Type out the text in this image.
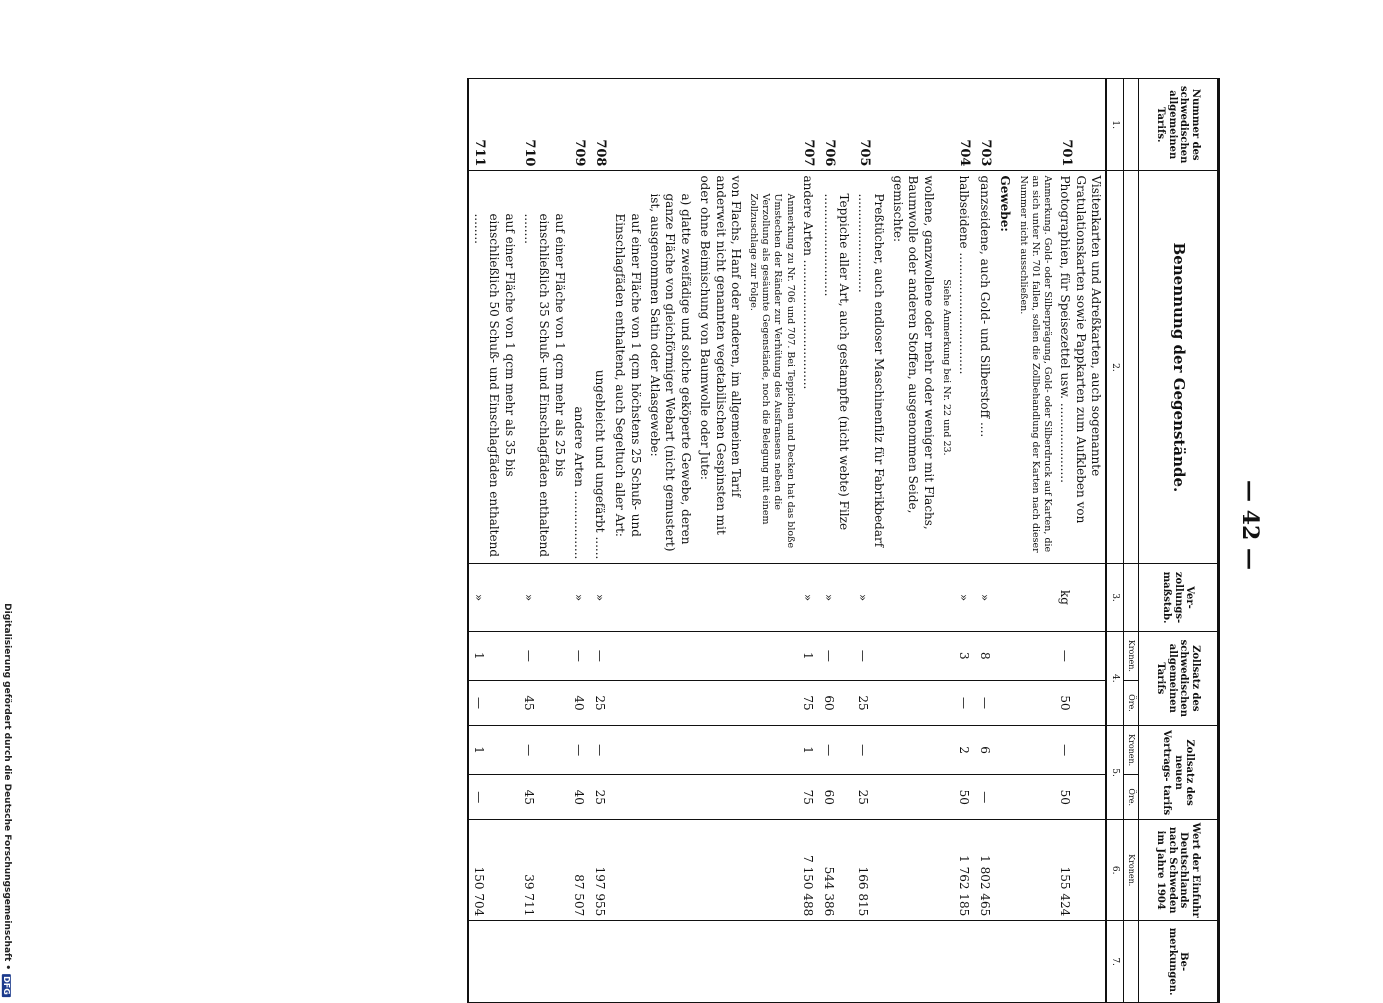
— 42 —
Nummer des schwedischen allgemeinen Tarifs.	Benennung der Gegenstände.	Ver- zollungs- maßstab.	Zollsatz des schwedischen allgemeinen Tarifs		Zollsatz des neuen Vertrags- tarifs		Wert der Einfuhr Deutschlands nach Schweden im Jahre 1904	Be- merkungen.
			Kronen.	Öre.	Kronen.	Öre.	Kronen.	
1.	2.	3.	4.		5.		6.	7.
701	Visitenkarten und Adreßkarten, auch sogenannte Gratulationskarten sowie Pappkarten zum Aufkleben von Photographien, für Speisezettel usw. .....................	kg	—	50	—	50	155 424	
	Anmerkung. Gold- oder Silberprägung, Gold- oder Silberdruck auf Karten, die an sich unter Nr. 701 fallen, sollen die Zollbehandlung der Karten nach dieser Nummer nicht ausschließen.							
	Gewebe:							
703	ganzseidene, auch Gold- und Silberstoff ....	»	8	—	6	—	1 802 465	
704	halbseidene ................................	»	3	—	2	50	1 762 185	
	Siehe Anmerkung bei Nr. 22 und 23.							
	wollene, ganzwollene oder mehr oder weniger mit Flachs, Baumwolle oder anderen Stoffen, ausgenommen Seide, gemischte:							
705	Preßtücher, auch endloser Maschinenfilz für Fabrikbedarf ..........................	»	—	25	—	25	166 815	
706	Teppiche aller Art, auch gestampfte (nicht webte) Filze ...........................	»	—	60	—	60	544 386	
707	andere Arten ..................................	»	1	75	1	75	7 150 488	
	Anmerkung zu Nr. 706 und 707. Bei Teppichen und Decken hat das bloße Umstechen der Ränder zur Verhütung des Ausfransens neben die Verzollung als gesäumte Gegenstände, noch die Belegung mit einem Zollzuschlage zur Folge.							
	von Flachs, Hanf oder anderen, im allgemeinen Tarif anderweit nicht genannten vegetabilischen Gespinsten mit oder ohne Beimischung von Baumwolle oder Jute:							
	a) glatte zweifädige und solche geköperte Gewebe, deren ganze Fläche von gleichförmiger Webart (nicht gemustert) ist, ausgenommen Satin oder Atlasgewebe:							
	auf einer Fläche von 1 qcm höchstens 25 Schuß- und Einschlagfäden enthaltend, auch Segeltuch aller Art:							
708	ungebleicht und ungefärbt ......	»	—	25	—	25	197 955	
709	andere Arten ..................	»	—	40	—	40	87 507	
710	auf einer Fläche von 1 qcm mehr als 25 bis einschließlich 35 Schuß- und Einschlagfäden enthaltend ........	»	—	45	—	45	39 711	
711	auf einer Fläche von 1 qcm mehr als 35 bis einschließlich 50 Schuß- und Einschlagfäden enthaltend ........	»	1	—	1	—	150 704	
Digitalisierung gefördert durch die Deutsche Forschungsgemeinschaft •
DFG
